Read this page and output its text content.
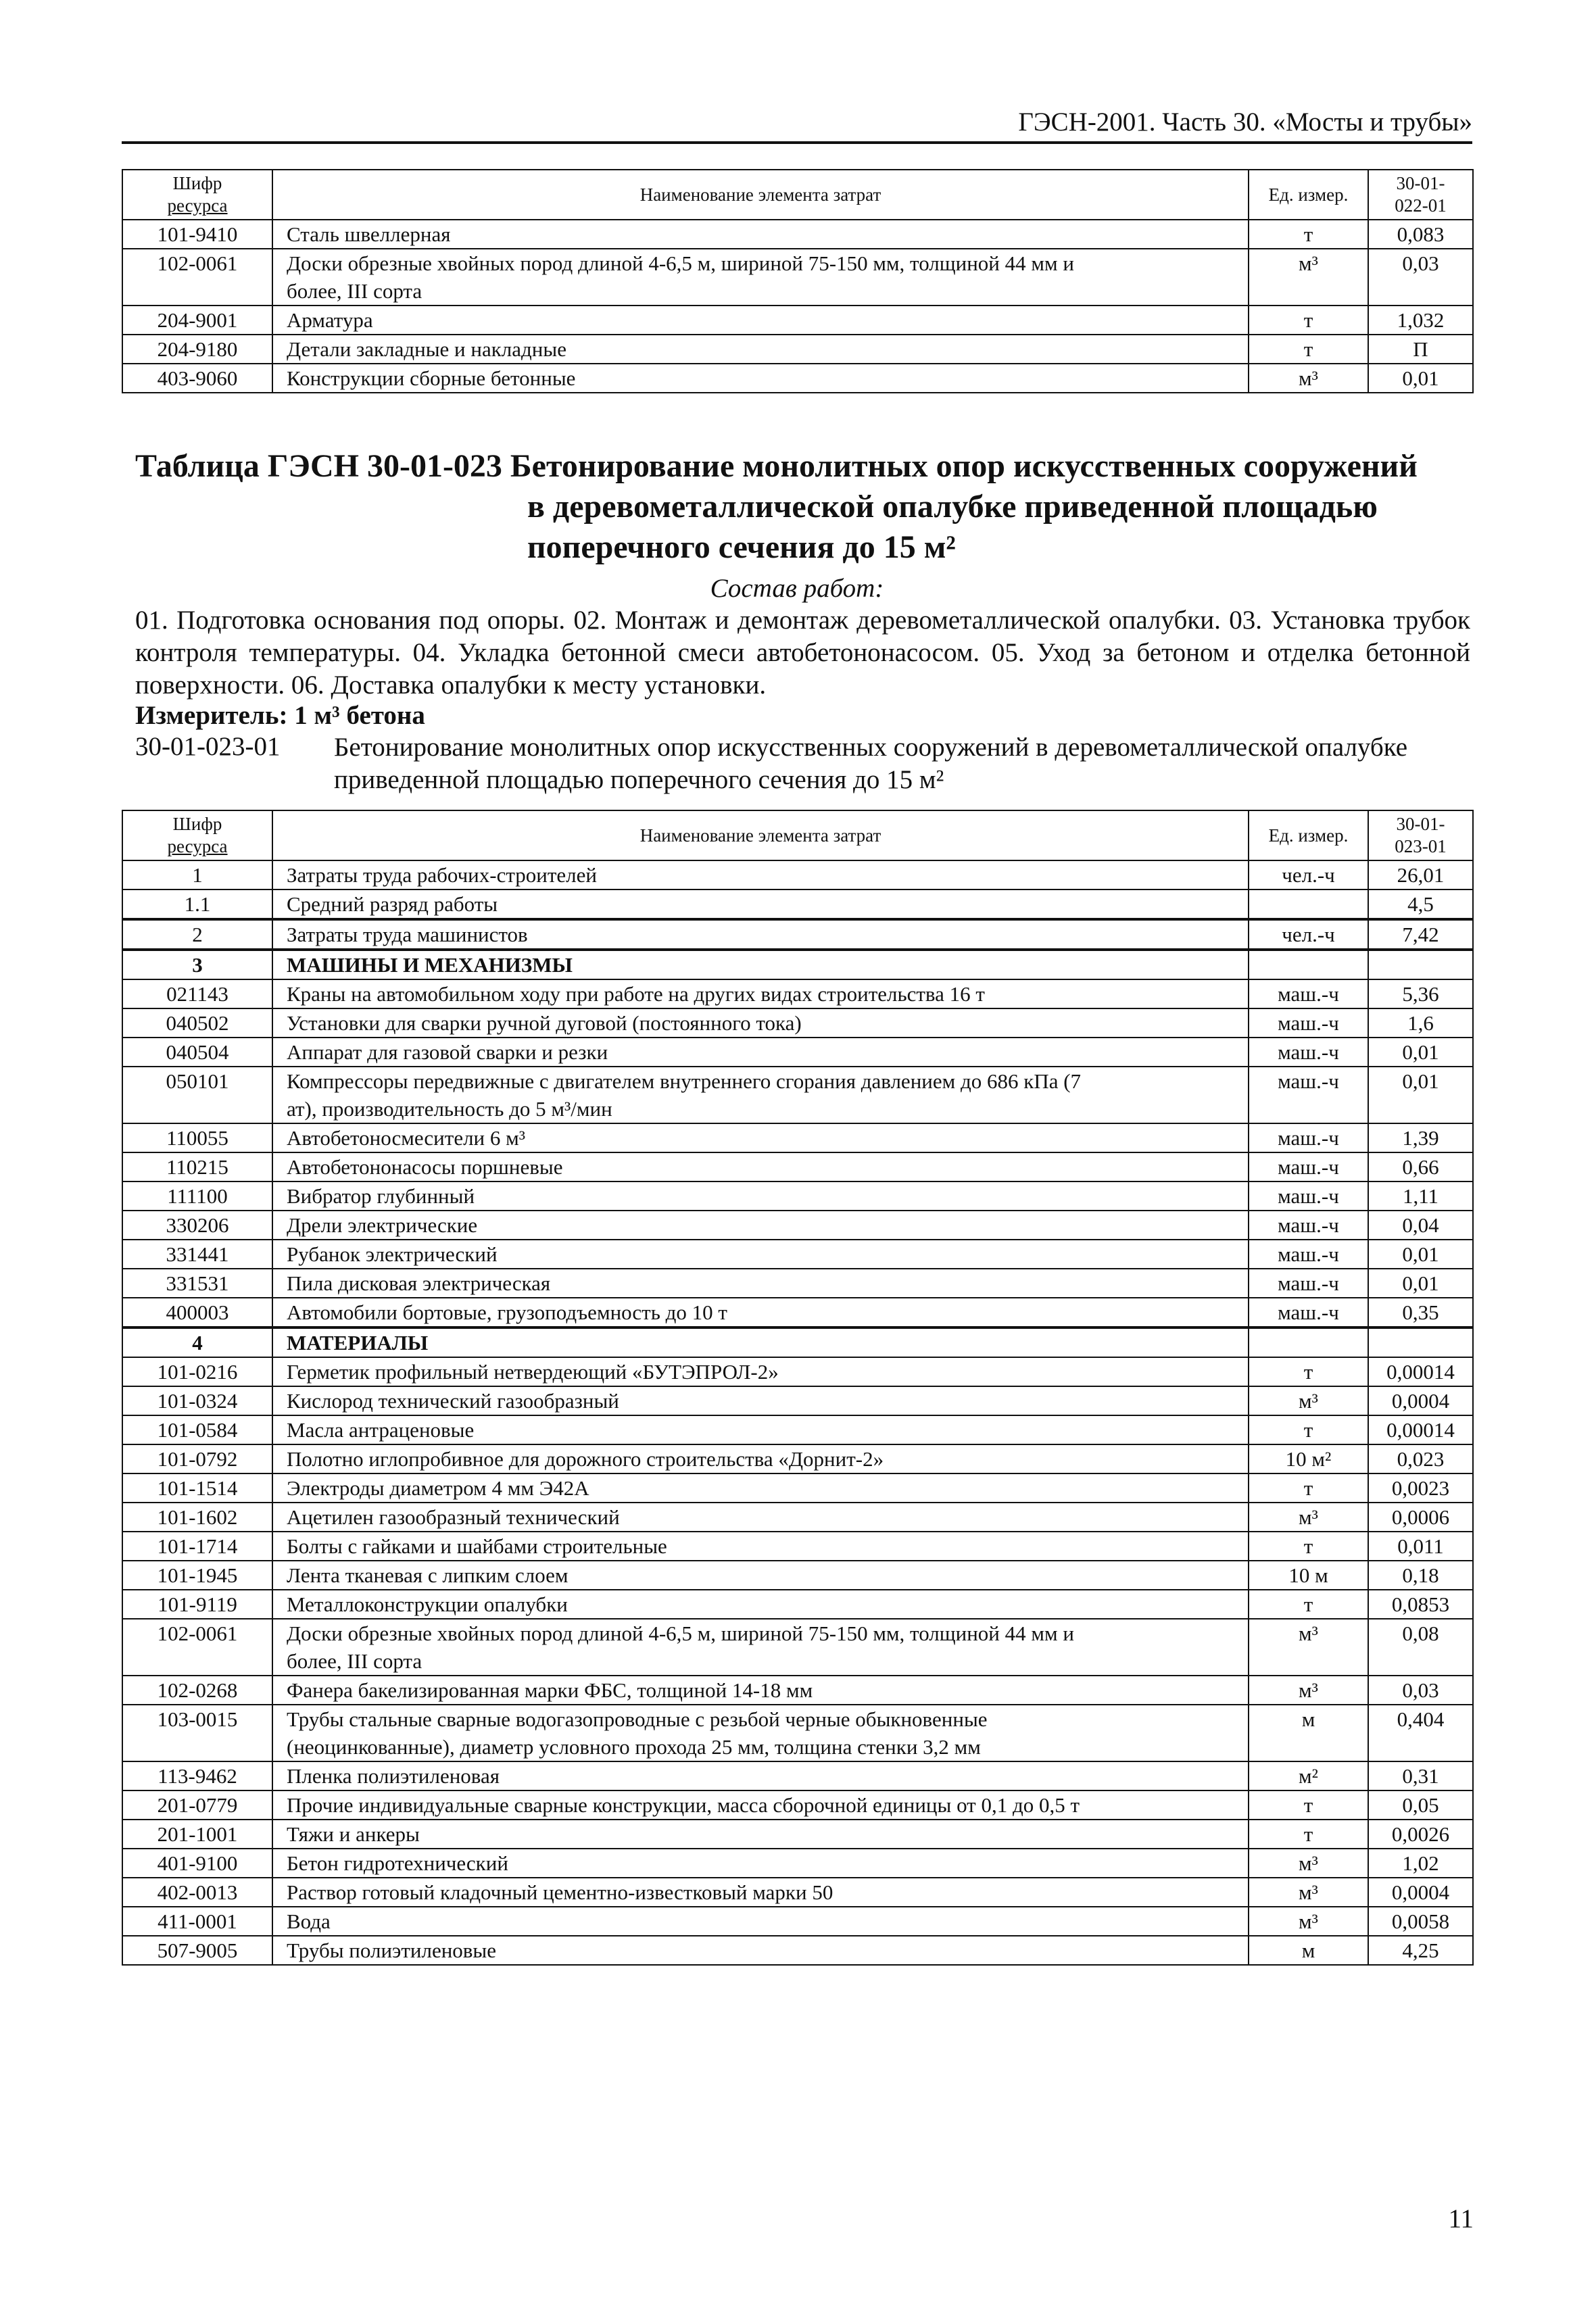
ГЭСН-2001. Часть 30. «Мосты и трубы»
Шифр
ресурса	Наименование элемента затрат	Ед. измер.	30-01-
022-01
101-9410	Сталь швеллерная	т	0,083
102-0061	Доски обрезные хвойных пород длиной 4-6,5 м, шириной 75-150 мм, толщиной 44 мм и	м³	0,03
	более, III сорта		
204-9001	Арматура	т	1,032
204-9180	Детали закладные и накладные	т	П
403-9060	Конструкции сборные бетонные	м³	0,01
Таблица ГЭСН 30-01-023 Бетонирование монолитных опор искусственных сооружений
в деревометаллической опалубке приведенной площадью
поперечного сечения до 15 м²
Состав работ:
01. Подготовка основания под опоры. 02. Монтаж и демонтаж деревометаллической опалубки. 03. Установка трубок контроля температуры. 04. Укладка бетонной смеси автобетононасосом. 05. Уход за бетоном и отделка бетонной поверхности. 06. Доставка опалубки к месту установки.
Измеритель: 1 м³ бетона
30-01-023-01 Бетонирование монолитных опор искусственных сооружений в деревометаллической опалубке приведенной площадью поперечного сечения до 15 м²
Шифр
ресурса	Наименование элемента затрат	Ед. измер.	30-01-
023-01
1	Затраты труда рабочих-строителей	чел.-ч	26,01
1.1	Средний разряд работы		4,5
2	Затраты труда машинистов	чел.-ч	7,42
3	МАШИНЫ И МЕХАНИЗМЫ		
021143	Краны на автомобильном ходу при работе на других видах строительства 16 т	маш.-ч	5,36
040502	Установки для сварки ручной дуговой (постоянного тока)	маш.-ч	1,6
040504	Аппарат для газовой сварки и резки	маш.-ч	0,01
050101	Компрессоры передвижные с двигателем внутреннего сгорания давлением до 686 кПа (7	маш.-ч	0,01
	ат), производительность до 5 м³/мин		
110055	Автобетоносмесители 6 м³	маш.-ч	1,39
110215	Автобетононасосы поршневые	маш.-ч	0,66
111100	Вибратор глубинный	маш.-ч	1,11
330206	Дрели электрические	маш.-ч	0,04
331441	Рубанок электрический	маш.-ч	0,01
331531	Пила дисковая электрическая	маш.-ч	0,01
400003	Автомобили бортовые, грузоподъемность до 10 т	маш.-ч	0,35
4	МАТЕРИАЛЫ		
101-0216	Герметик профильный нетвердеющий «БУТЭПРОЛ-2»	т	0,00014
101-0324	Кислород технический газообразный	м³	0,0004
101-0584	Масла антраценовые	т	0,00014
101-0792	Полотно иглопробивное для дорожного строительства «Дорнит-2»	10 м²	0,023
101-1514	Электроды диаметром 4 мм Э42А	т	0,0023
101-1602	Ацетилен газообразный технический	м³	0,0006
101-1714	Болты с гайками и шайбами строительные	т	0,011
101-1945	Лента тканевая с липким слоем	10 м	0,18
101-9119	Металлоконструкции опалубки	т	0,0853
102-0061	Доски обрезные хвойных пород длиной 4-6,5 м, шириной 75-150 мм, толщиной 44 мм и	м³	0,08
	более, III сорта		
102-0268	Фанера бакелизированная марки ФБС, толщиной 14-18 мм	м³	0,03
103-0015	Трубы стальные сварные водогазопроводные с резьбой черные обыкновенные	м	0,404
	(неоцинкованные), диаметр условного прохода 25 мм, толщина стенки 3,2 мм		
113-9462	Пленка полиэтиленовая	м²	0,31
201-0779	Прочие индивидуальные сварные конструкции, масса сборочной единицы от 0,1 до 0,5 т	т	0,05
201-1001	Тяжи и анкеры	т	0,0026
401-9100	Бетон гидротехнический	м³	1,02
402-0013	Раствор готовый кладочный цементно-известковый марки 50	м³	0,0004
411-0001	Вода	м³	0,0058
507-9005	Трубы полиэтиленовые	м	4,25
11
